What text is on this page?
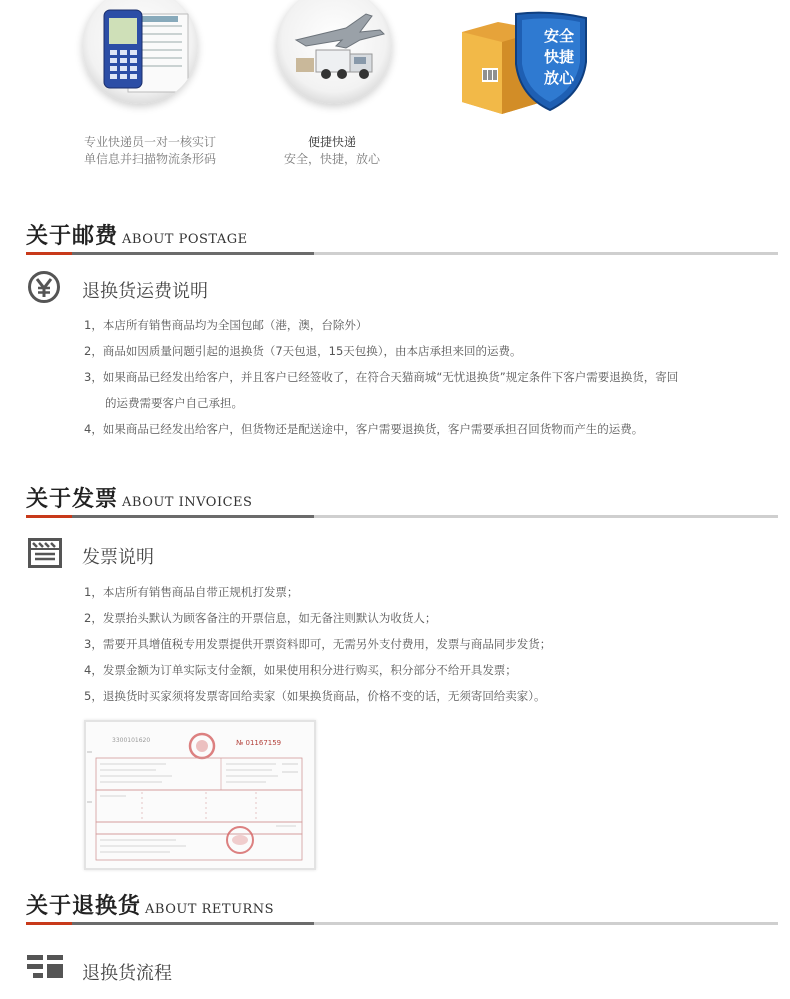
专业快递员一对一核实订
单信息并扫描物流条形码
便捷快递
安全，快捷，放心
安全
快捷
放心
关于邮费 ABOUT POSTAGE
退换货运费说明
1，本店所有销售商品均为全国包邮（港，澳，台除外）
2，商品如因质量问题引起的退换货（7天包退，15天包换），由本店承担来回的运费。
3，如果商品已经发出给客户，并且客户已经签收了，在符合天猫商城“无忧退换货”规定条件下客户需要退换货，寄回
的运费需要客户自己承担。
4，如果商品已经发出给客户，但货物还是配送途中，客户需要退换货，客户需要承担召回货物而产生的运费。
关于发票 ABOUT INVOICES
发票说明
1，本店所有销售商品自带正规机打发票；
2，发票抬头默认为顾客备注的开票信息，如无备注则默认为收货人；
3，需要开具增值税专用发票提供开票资料即可，无需另外支付费用，发票与商品同步发货；
4，发票金额为订单实际支付金额，如果使用积分进行购买，积分部分不给开具发票；
5，退换货时买家须将发票寄回给卖家（如果换货商品，价格不变的话，无须寄回给卖家）。
3300101620	№ 01167159
关于退换货 ABOUT RETURNS
退换货流程
